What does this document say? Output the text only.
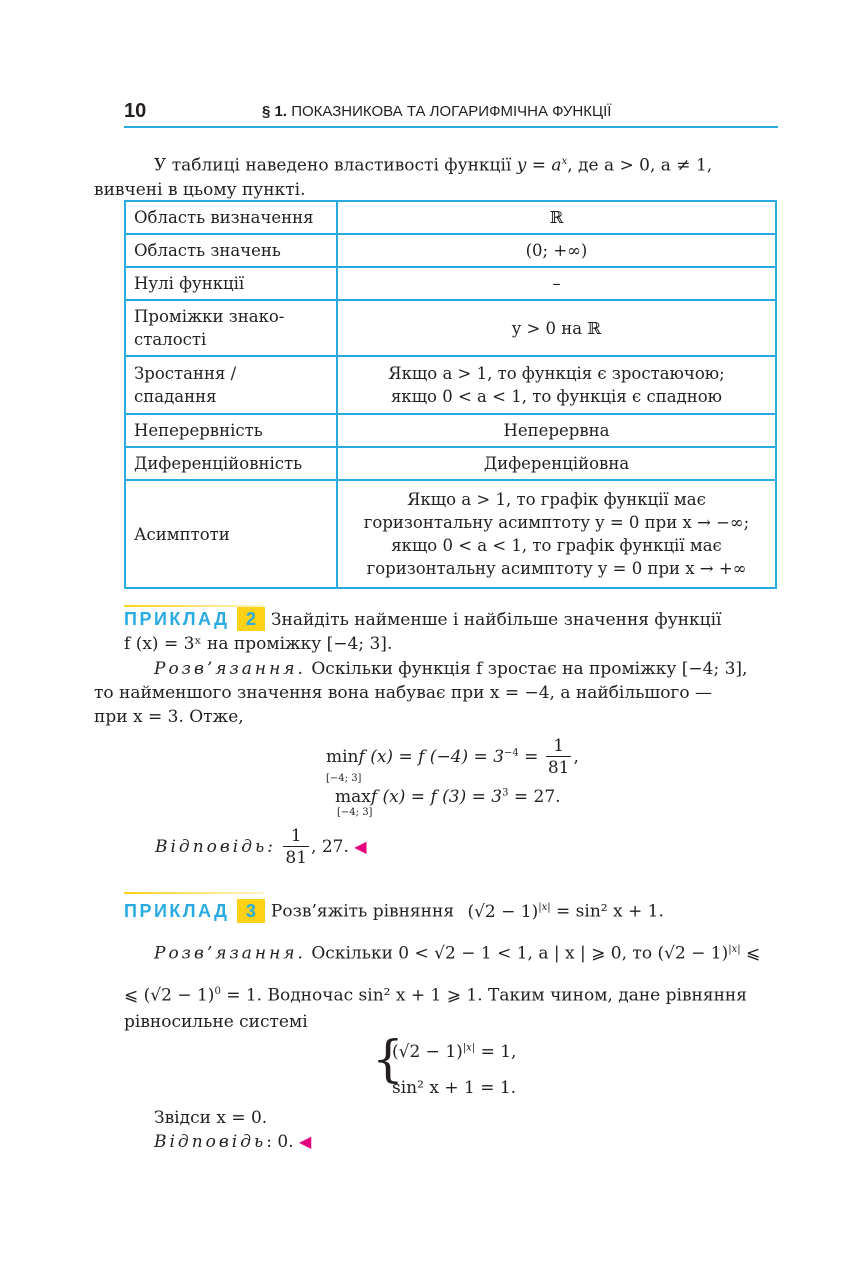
10	§ 1. ПОКАЗНИКОВА ТА ЛОГАРИФМІЧНА ФУНКЦІЇ
У таблиці наведено властивості функції $y = a^x$, де a > 0, a ≠ 1,
вивчені в цьому пункті.
Область визначення	ℝ
Область значень	(0; +∞)
Нулі функції	–
Проміжки знако-
сталості	y > 0 на ℝ
Зростання /
спадання	Якщо a > 1, то функція є зростаючою;
якщо 0 < a < 1, то функція є спадною
Неперервність	Неперервна
Диференційовність	Диференційовна
Асимптоти	Якщо a > 1, то графік функції має
горизонтальну асимптоту y = 0 при x → −∞;
якщо 0 < a < 1, то графік функції має
горизонтальну асимптоту y = 0 при x → +∞
ПРИКЛАД 2 Знайдіть найменше і найбільше значення функції
f (x) = 3ˣ на проміжку [−4; 3].
Розв’язання. Оскільки функція f зростає на проміжку [−4; 3],
то найменшого значення вона набуває при x = −4, а найбільшого —
при x = 3. Отже,
min
[−4; 3]
f (x) = f $(-4) = 3^{-4} = \frac{1}{81}$ ,
max
[−4; 3]
f (x) = f $(3) = 3^3 = 27$.
Відповідь: $\frac{1}{81}$ , 27. ◀
ПРИКЛАД 3 Розв’яжіть рівняння $(√2 - 1)^{|x|} = \sin^2$ x + 1.
Розв’язання. Оскільки 0 < √2 − 1 < 1, а | x | ⩾ 0, то $(√2 - 1)^{|x|}$ ⩽
⩽ $(√2 - 1)^0 = 1$. Водночас sin² x + 1 ⩾ 1. Таким чином, дане рівняння
рівносильне системі
{
$(√2 - 1)^{|x|} = 1$,
sin² x + 1 = 1.
Звідси x = 0.
Відповідь: 0. ◀
